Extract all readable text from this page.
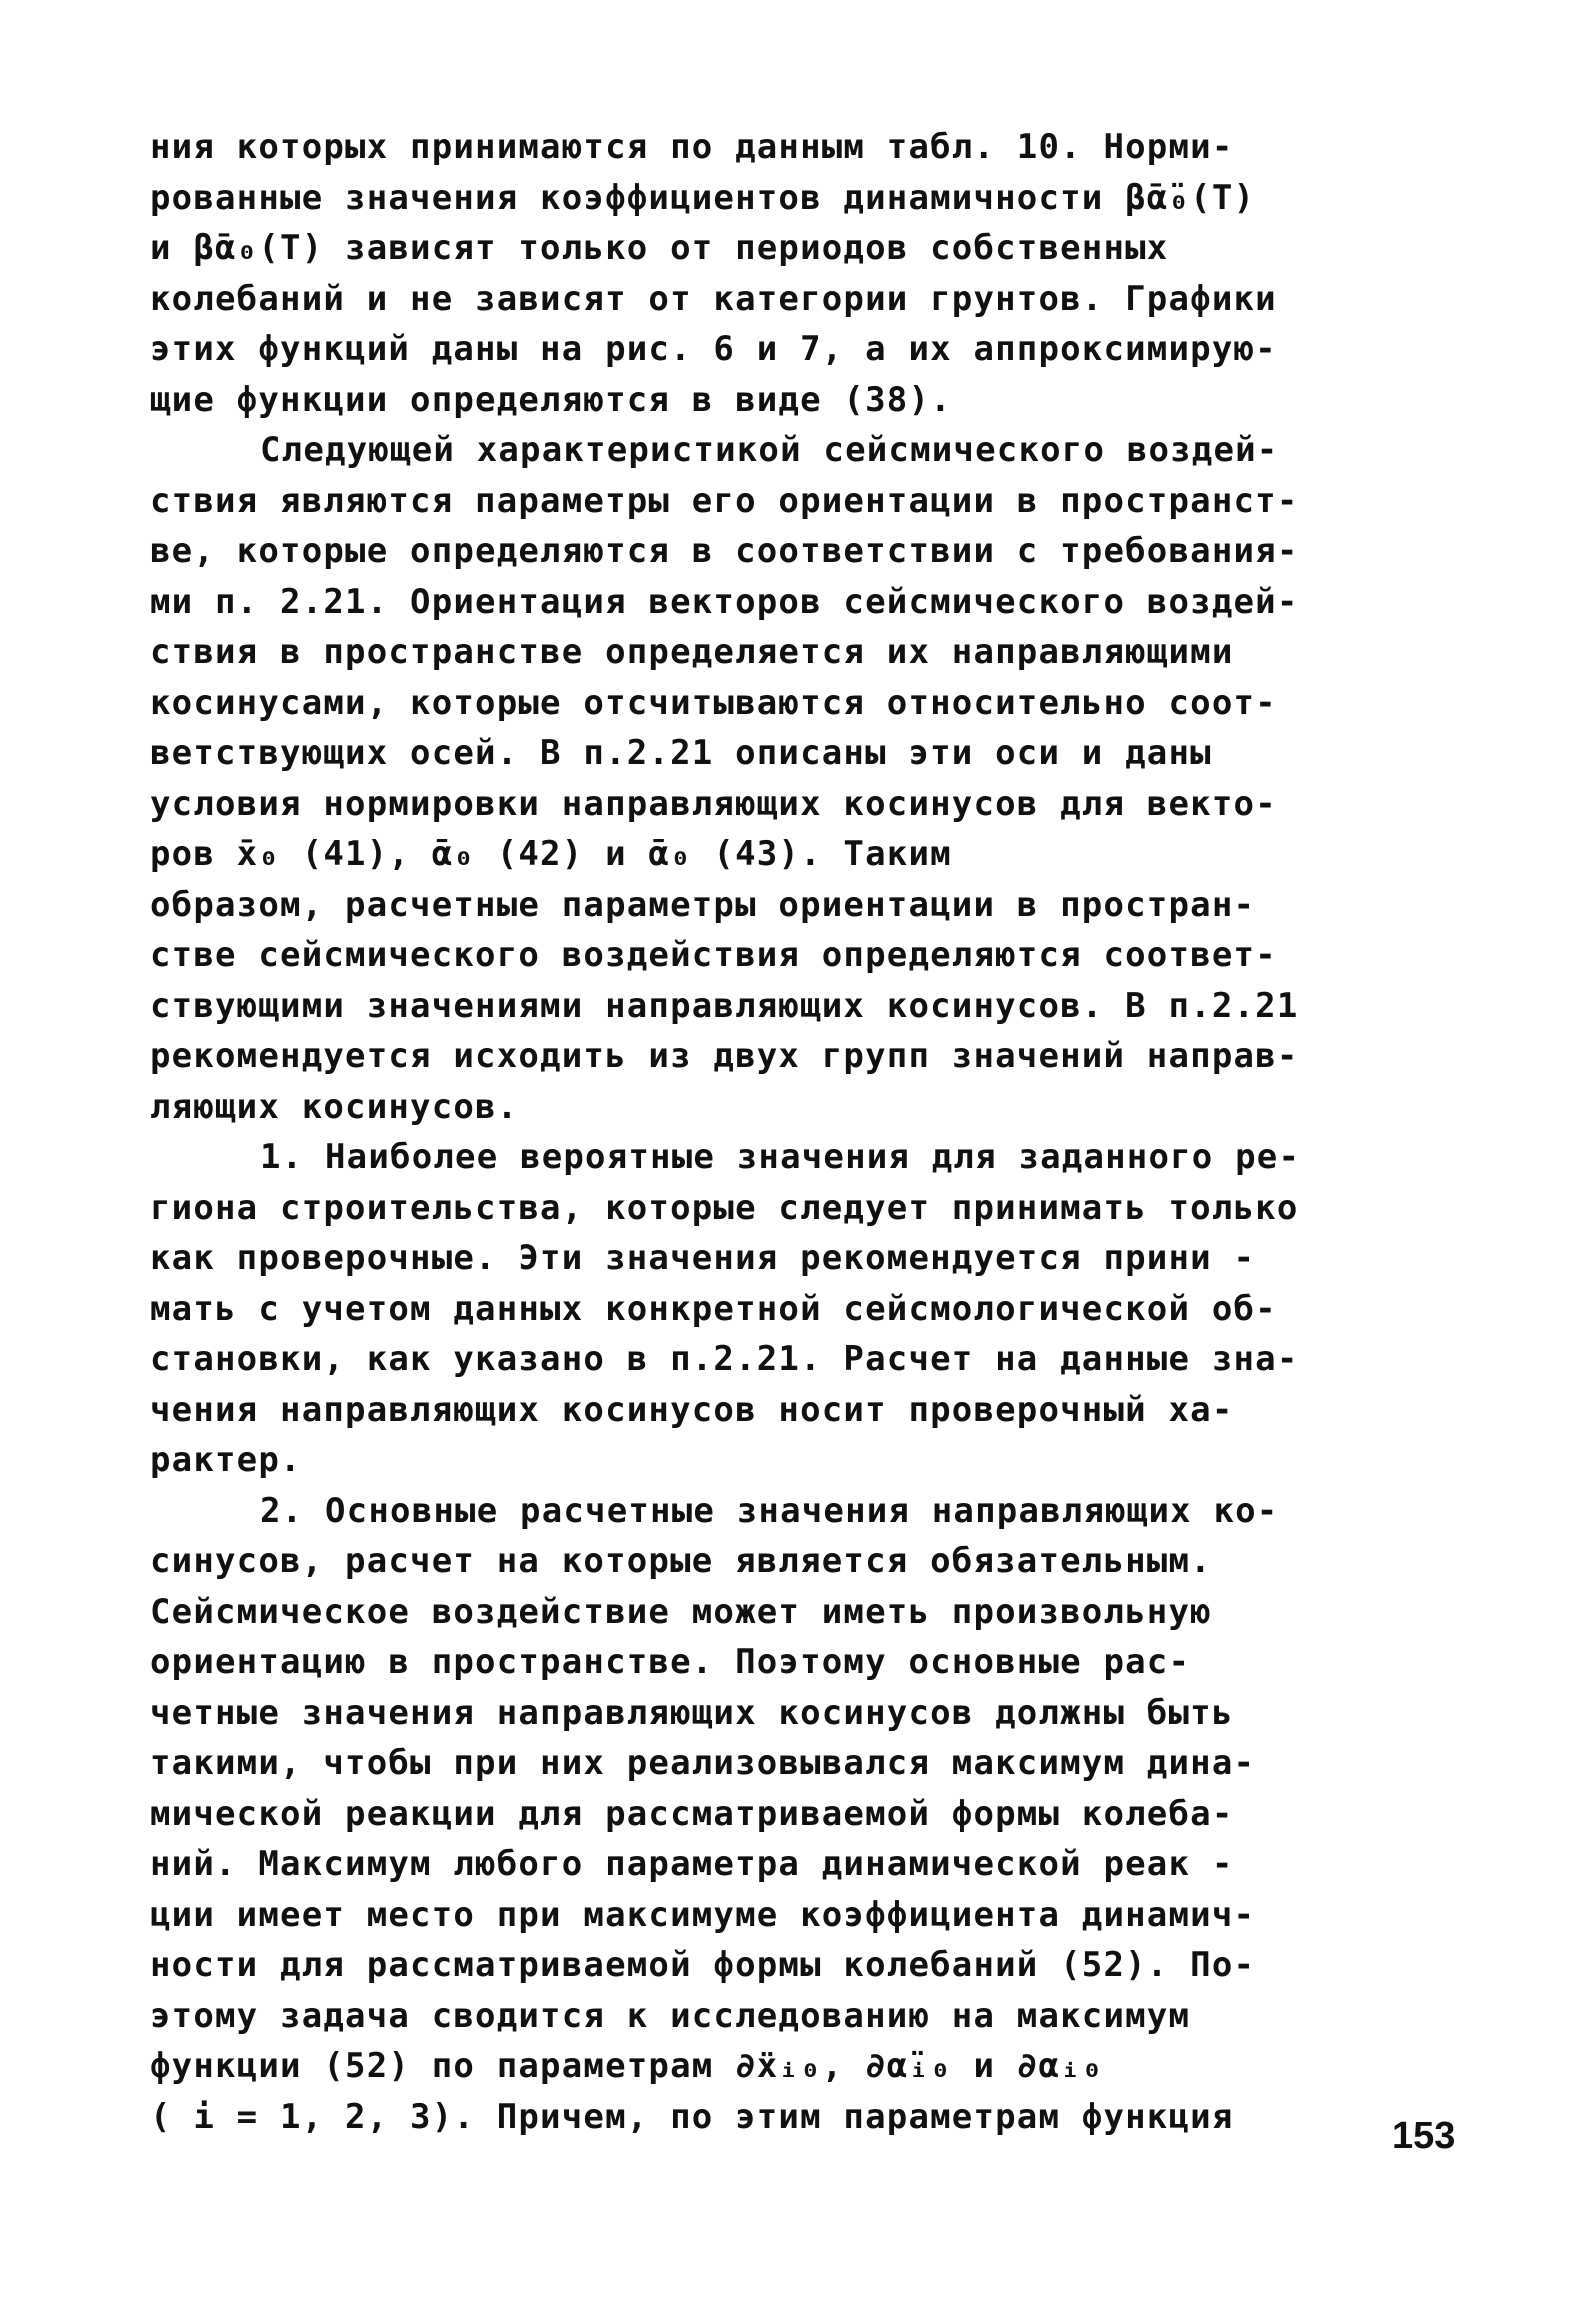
ния которых принимаются по данным табл. 10. Норми-
рованные значения коэффициентов динамичности β̄α̈₀(T)
и β̄α₀(T) зависят только от периодов собственных
колебаний и не зависят от категории грунтов. Графики
этих функций даны на рис. 6 и 7, а их аппроксимирую-
щие функции определяются в виде (38).
Следующей характеристикой сейсмического воздей-
ствия являются параметры его ориентации в пространст-
ве, которые определяются в соответствии с требования-
ми п. 2.21. Ориентация векторов сейсмического воздей-
ствия в пространстве определяется их направляющими
косинусами, которые отсчитываются относительно соот-
ветствующих осей. В п.2.21 описаны эти оси и даны
условия нормировки направляющих косинусов для векто-
ров x̄₀ (41), ᾱ₀ (42) и ᾱ₀ (43). Таким
образом, расчетные параметры ориентации в простран-
стве сейсмического воздействия определяются соответ-
ствующими значениями направляющих косинусов. В п.2.21
рекомендуется исходить из двух групп значений направ-
ляющих косинусов.
1. Наиболее вероятные значения для заданного ре-
гиона строительства, которые следует принимать только
как проверочные. Эти значения рекомендуется прини -
мать с учетом данных конкретной сейсмологической об-
становки, как указано в п.2.21. Расчет на данные зна-
чения направляющих косинусов носит проверочный ха-
рактер.
2. Основные расчетные значения направляющих ко-
синусов, расчет на которые является обязательным.
Сейсмическое воздействие может иметь произвольную
ориентацию в пространстве. Поэтому основные рас-
четные значения направляющих косинусов должны быть
такими, чтобы при них реализовывался максимум дина-
мической реакции для рассматриваемой формы колеба-
ний. Максимум любого параметра динамической реак -
ции имеет место при максимуме коэффициента динамич-
ности для рассматриваемой формы колебаний (52). По-
этому задача сводится к исследованию на максимум
функции (52) по параметрам ∂ẍᵢ₀, ∂α̈ᵢ₀ и ∂αᵢ₀
( i = 1, 2, 3). Причем, по этим параметрам функция	153
